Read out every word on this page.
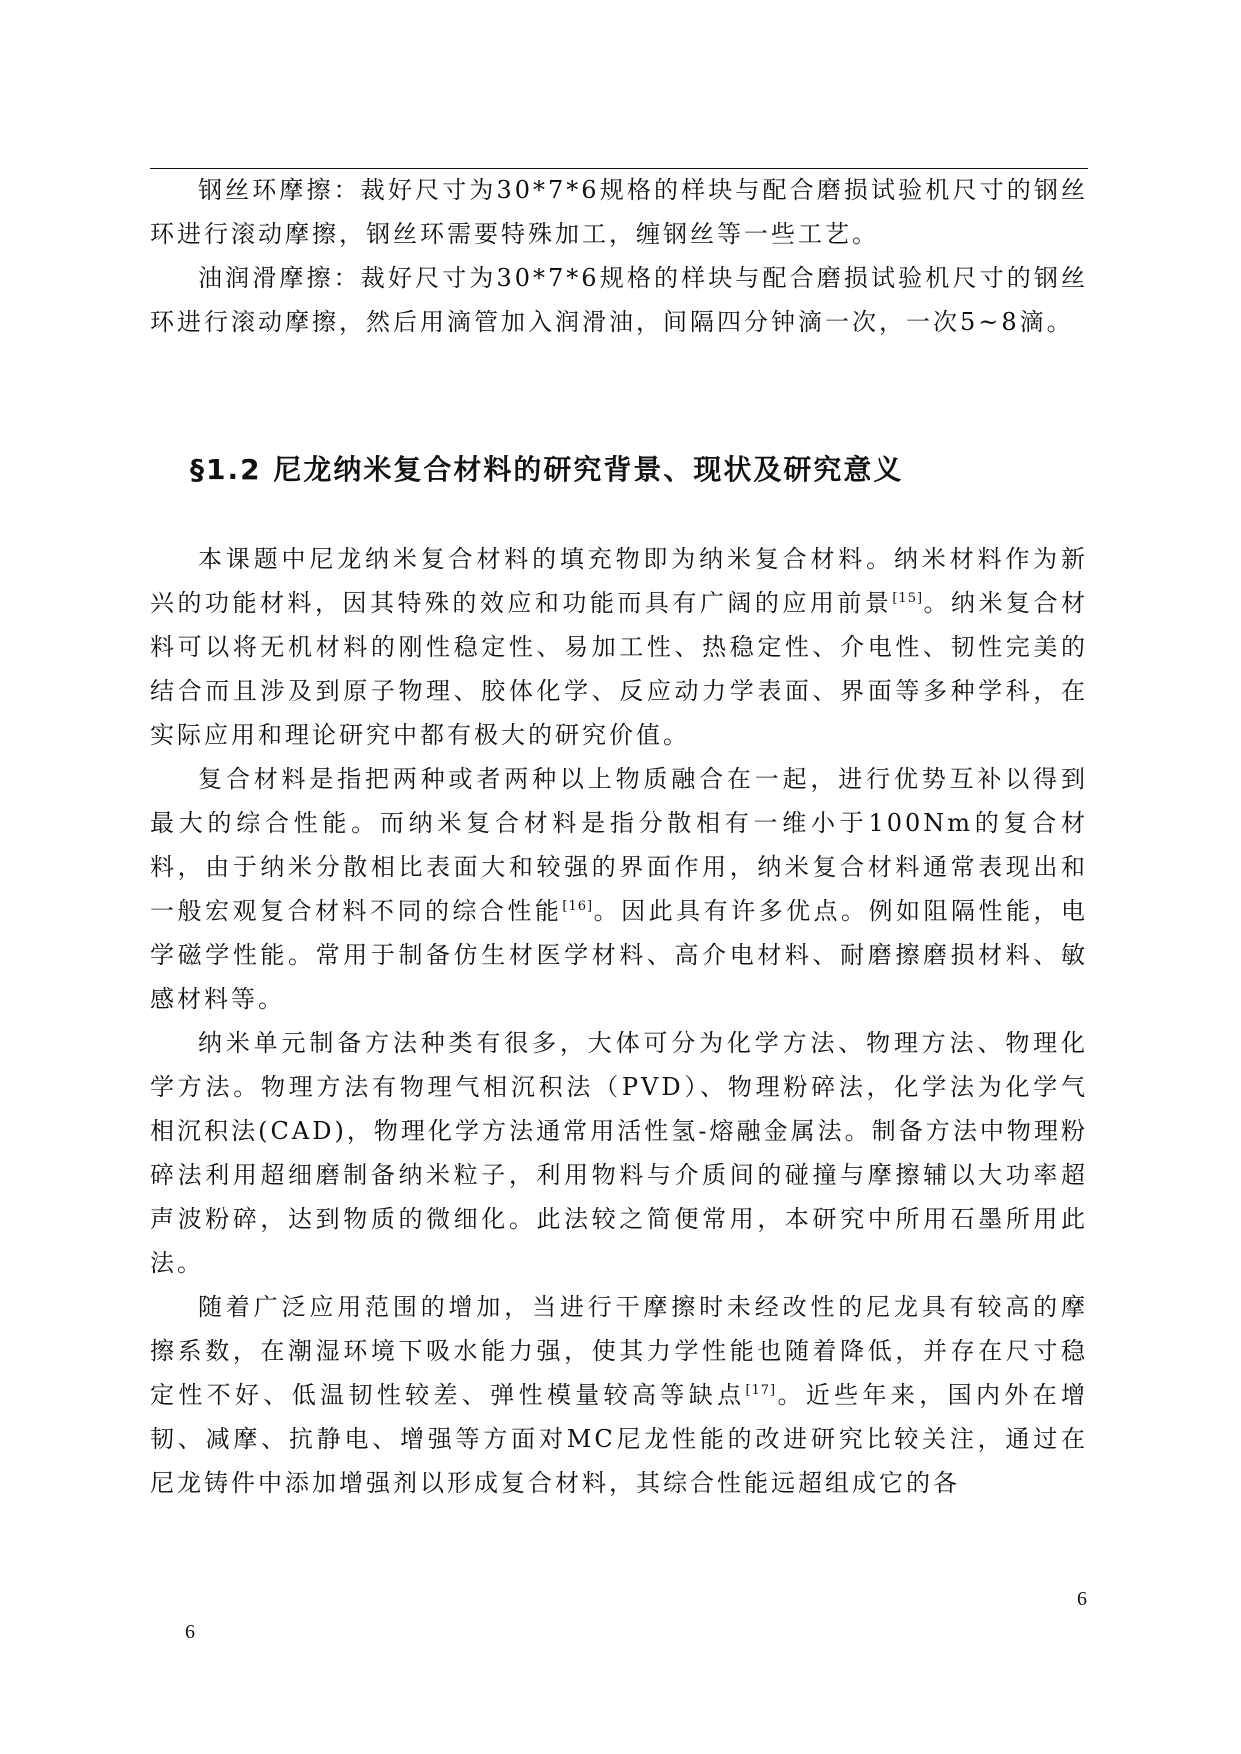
钢丝环摩擦：裁好尺寸为30*7*6规格的样块与配合磨损试验机尺寸的钢丝环进行滚动摩擦，钢丝环需要特殊加工，缠钢丝等一些工艺。

油润滑摩擦：裁好尺寸为30*7*6规格的样块与配合磨损试验机尺寸的钢丝环进行滚动摩擦，然后用滴管加入润滑油，间隔四分钟滴一次，一次5~8滴。

§1.2 尼龙纳米复合材料的研究背景、现状及研究意义

本课题中尼龙纳米复合材料的填充物即为纳米复合材料。纳米材料作为新兴的功能材料，因其特殊的效应和功能而具有广阔的应用前景[15]。纳米复合材料可以将无机材料的刚性稳定性、易加工性、热稳定性、介电性、韧性完美的结合而且涉及到原子物理、胶体化学、反应动力学表面、界面等多种学科，在实际应用和理论研究中都有极大的研究价值。

复合材料是指把两种或者两种以上物质融合在一起，进行优势互补以得到最大的综合性能。而纳米复合材料是指分散相有一维小于100Nm的复合材料，由于纳米分散相比表面大和较强的界面作用，纳米复合材料通常表现出和一般宏观复合材料不同的综合性能[16]。因此具有许多优点。例如阻隔性能，电学磁学性能。常用于制备仿生材医学材料、高介电材料、耐磨擦磨损材料、敏感材料等。

纳米单元制备方法种类有很多，大体可分为化学方法、物理方法、物理化学方法。物理方法有物理气相沉积法（PVD）、物理粉碎法，化学法为化学气相沉积法(CAD)，物理化学方法通常用活性氢-熔融金属法。制备方法中物理粉碎法利用超细磨制备纳米粒子，利用物料与介质间的碰撞与摩擦辅以大功率超声波粉碎，达到物质的微细化。此法较之简便常用，本研究中所用石墨所用此法。

随着广泛应用范围的增加，当进行干摩擦时未经改性的尼龙具有较高的摩擦系数，在潮湿环境下吸水能力强，使其力学性能也随着降低，并存在尺寸稳定性不好、低温韧性较差、弹性模量较高等缺点[17]。近些年来，国内外在增韧、减摩、抗静电、增强等方面对MC尼龙性能的改进研究比较关注，通过在尼龙铸件中添加增强剂以形成复合材料，其综合性能远超组成它的各

6
6
